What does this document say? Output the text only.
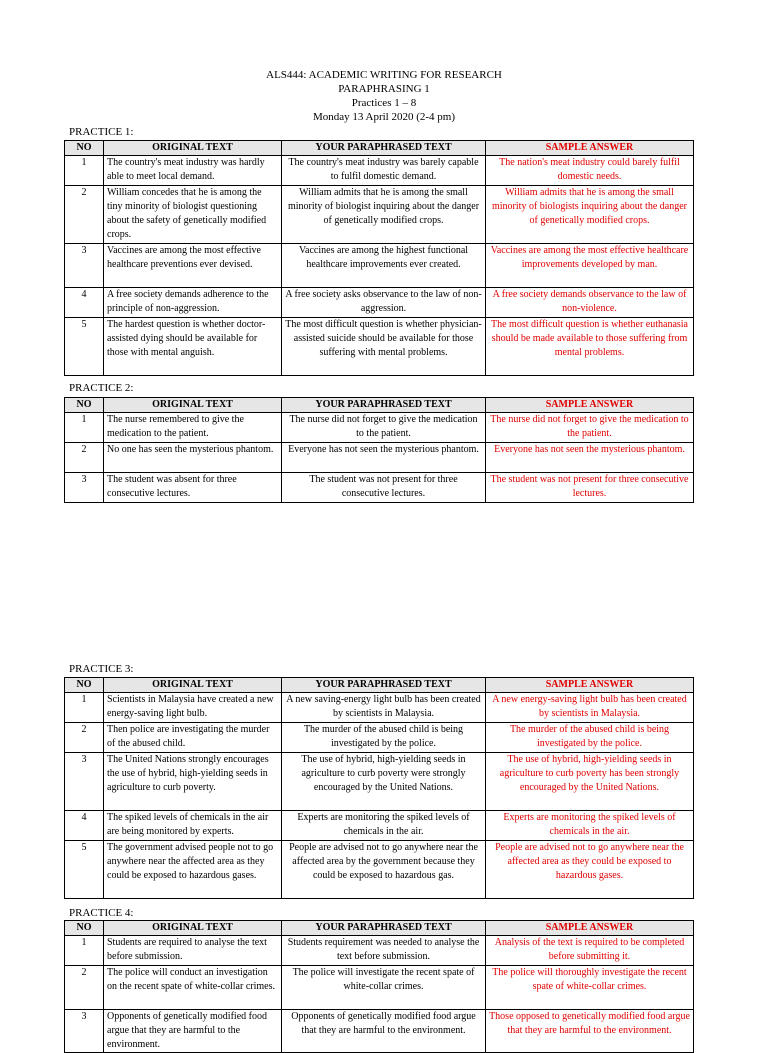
ALS444: ACADEMIC WRITING FOR RESEARCH
PARAPHRASING 1
Practices 1 – 8
Monday 13 April 2020 (2-4 pm)
PRACTICE 1:
NO	ORIGINAL TEXT	YOUR PARAPHRASED TEXT	SAMPLE ANSWER
1	The country's meat industry was hardly able to meet local demand.	The country's meat industry was barely capable to fulfil domestic demand.	The nation's meat industry could barely fulfil domestic needs.
2	William concedes that he is among the tiny minority of biologist questioning about the safety of genetically modified crops.	William admits that he is among the small minority of biologist inquiring about the danger of genetically modified crops.	William admits that he is among the small minority of biologists inquiring about the danger of genetically modified crops.
3	Vaccines are among the most effective healthcare preventions ever devised.	Vaccines are among the highest functional healthcare improvements ever created.	Vaccines are among the most effective healthcare improvements developed by man.
4	A free society demands adherence to the principle of non-aggression.	A free society asks observance to the law of non-aggression.	A free society demands observance to the law of non-violence.
5	The hardest question is whether doctor-assisted dying should be available for those with mental anguish.	The most difficult question is whether physician-assisted suicide should be available for those suffering with mental problems.	The most difficult question is whether euthanasia should be made available to those suffering from mental problems.
PRACTICE 2:
NO	ORIGINAL TEXT	YOUR PARAPHRASED TEXT	SAMPLE ANSWER
1	The nurse remembered to give the medication to the patient.	The nurse did not forget to give the medication to the patient.	The nurse did not forget to give the medication to the patient.
2	No one has seen the mysterious phantom.	Everyone has not seen the mysterious phantom.	Everyone has not seen the mysterious phantom.
3	The student was absent for three consecutive lectures.	The student was not present for three consecutive lectures.	The student was not present for three consecutive lectures.
PRACTICE 3:
NO	ORIGINAL TEXT	YOUR PARAPHRASED TEXT	SAMPLE ANSWER
1	Scientists in Malaysia have created a new energy-saving light bulb.	A new saving-energy light bulb has been created by scientists in Malaysia.	A new energy-saving light bulb has been created by scientists in Malaysia.
2	Then police are investigating the murder of the abused child.	The murder of the abused child is being investigated by the police.	The murder of the abused child is being investigated by the police.
3	The United Nations strongly encourages the use of hybrid, high-yielding seeds in agriculture to curb poverty.	The use of hybrid, high-yielding seeds in agriculture to curb poverty were strongly encouraged by the United Nations.	The use of hybrid, high-yielding seeds in agriculture to curb poverty has been strongly encouraged by the United Nations.
4	The spiked levels of chemicals in the air are being monitored by experts.	Experts are monitoring the spiked levels of chemicals in the air.	Experts are monitoring the spiked levels of chemicals in the air.
5	The government advised people not to go anywhere near the affected area as they could be exposed to hazardous gases.	People are advised not to go anywhere near the affected area by the government because they could be exposed to hazardous gas.	People are advised not to go anywhere near the affected area as they could be exposed to hazardous gases.
PRACTICE 4:
NO	ORIGINAL TEXT	YOUR PARAPHRASED TEXT	SAMPLE ANSWER
1	Students are required to analyse the text before submission.	Students requirement was needed to analyse the text before submission.	Analysis of the text is required to be completed before submitting it.
2	The police will conduct an investigation on the recent spate of white-collar crimes.	The police will investigate the recent spate of white-collar crimes.	The police will thoroughly investigate the recent spate of white-collar crimes.
3	Opponents of genetically modified food argue that they are harmful to the environment.	Opponents of genetically modified food argue that they are harmful to the environment.	Those opposed to genetically modified food argue that they are harmful to the environment.
